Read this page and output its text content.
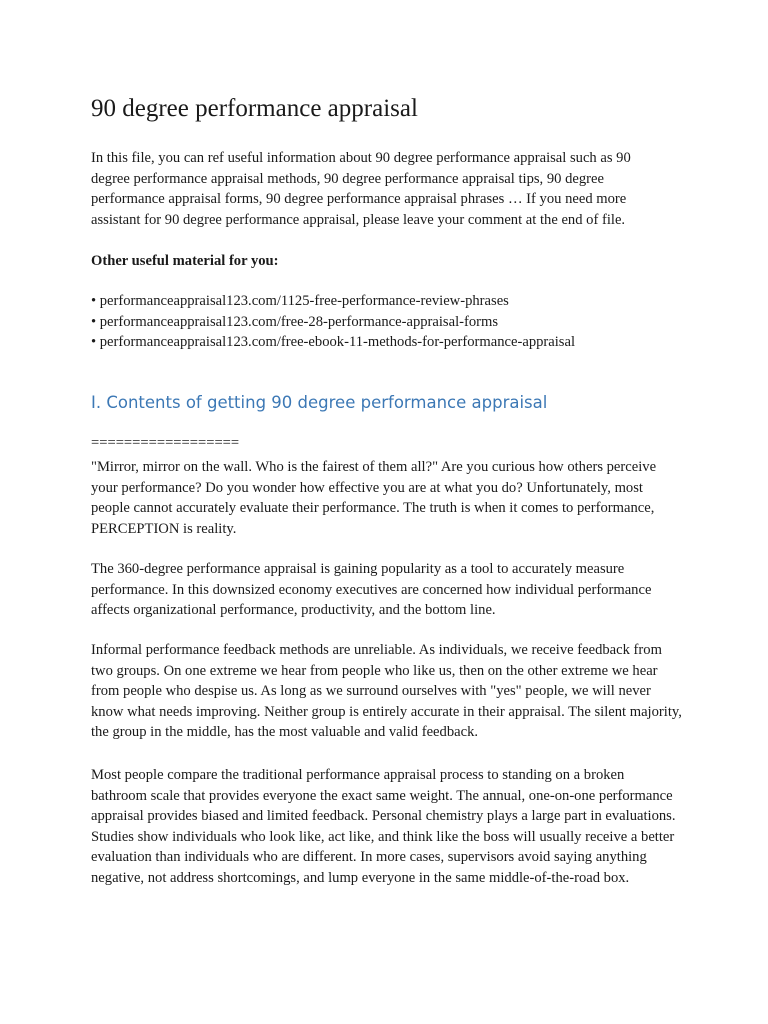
90 degree performance appraisal

In this file, you can ref useful information about 90 degree performance appraisal such as 90 degree performance appraisal methods, 90 degree performance appraisal tips, 90 degree performance appraisal forms, 90 degree performance appraisal phrases … If you need more assistant for 90 degree performance appraisal, please leave your comment at the end of file.

Other useful material for you:

• performanceappraisal123.com/1125-free-performance-review-phrases
• performanceappraisal123.com/free-28-performance-appraisal-forms
• performanceappraisal123.com/free-ebook-11-methods-for-performance-appraisal
I. Contents of getting 90 degree performance appraisal

==================

"Mirror, mirror on the wall. Who is the fairest of them all?" Are you curious how others perceive your performance? Do you wonder how effective you are at what you do? Unfortunately, most people cannot accurately evaluate their performance. The truth is when it comes to performance, PERCEPTION is reality.

The 360-degree performance appraisal is gaining popularity as a tool to accurately measure performance. In this downsized economy executives are concerned how individual performance affects organizational performance, productivity, and the bottom line.

Informal performance feedback methods are unreliable. As individuals, we receive feedback from two groups. On one extreme we hear from people who like us, then on the other extreme we hear from people who despise us. As long as we surround ourselves with "yes" people, we will never know what needs improving. Neither group is entirely accurate in their appraisal. The silent majority, the group in the middle, has the most valuable and valid feedback.

Most people compare the traditional performance appraisal process to standing on a broken bathroom scale that provides everyone the exact same weight. The annual, one-on-one performance appraisal provides biased and limited feedback. Personal chemistry plays a large part in evaluations. Studies show individuals who look like, act like, and think like the boss will usually receive a better evaluation than individuals who are different. In more cases, supervisors avoid saying anything negative, not address shortcomings, and lump everyone in the same middle-of-the-road box.
